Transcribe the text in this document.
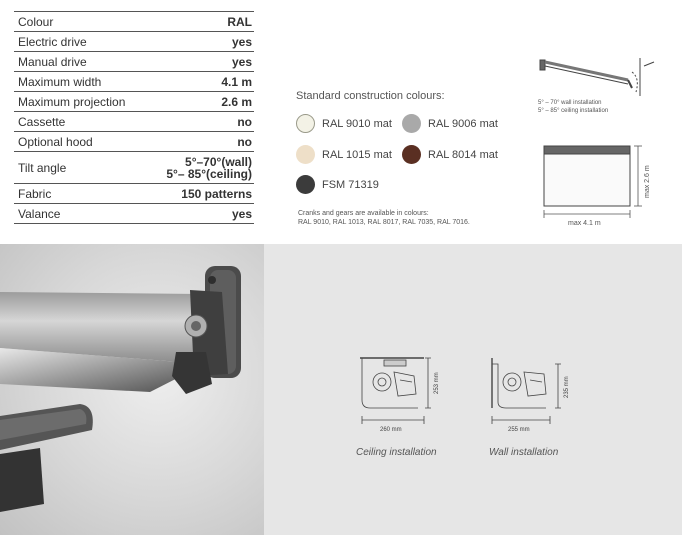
Colour	RAL
Electric drive	yes
Manual drive	yes
Maximum width	4.1 m
Maximum projection	2.6 m
Cassette	no
Optional hood	no
Tilt angle	5°–70°(wall)
5°– 85°(ceiling)
Fabric	150 patterns
Valance	yes
Standard construction colours:
RAL 9010 mat	RAL 9006 mat
RAL 1015 mat	RAL 8014 mat
FSM 71319
Cranks and gears are available in colours:
RAL 9010, RAL 1013, RAL 8017, RAL 7035, RAL 7016.
5° – 70° wall installation
5° – 85° ceiling installation
max 2.6 m
max 4.1 m
253 mm
260 mm
Ceiling installation
235 mm
255 mm
Wall installation
